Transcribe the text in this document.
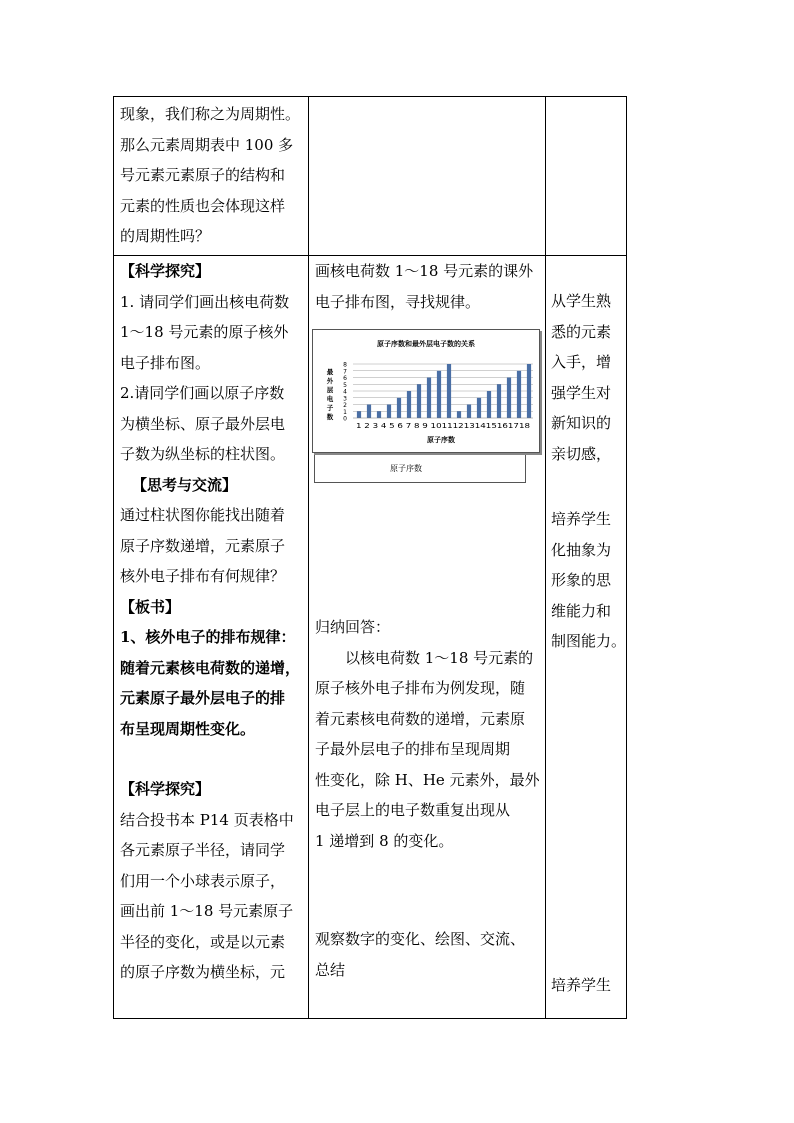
现象，我们称之为周期性。

那么元素周期表中 100 多

号元素元素原子的结构和

元素的性质也会体现这样

的周期性吗？

【科学探究】

1. 请同学们画出核电荷数

1～18 号元素的原子核外

电子排布图。

2.请同学们画以原子序数

为横坐标、原子最外层电

子数为纵坐标的柱状图。

【思考与交流】

通过柱状图你能找出随着

原子序数递增，元素原子

核外电子排布有何规律？

【板书】

1、核外电子的排布规律：

随着元素核电荷数的递增，

元素原子最外层电子的排

布呈现周期性变化。

【科学探究】

结合投书本 P14 页表格中

各元素原子半径，请同学

们用一个小球表示原子，

画出前 1～18 号元素原子

半径的变化，或是以元素

的原子序数为横坐标，元

画核电荷数 1～18 号元素的课外

电子排布图，寻找规律。

原子序数
原子序数和最外层电子数的关系
最
外
层
电
子
数 0
1
2
3
4
5
6
7
8
1 2 3 4 5 6 7 8 9 101112131415161718
原子序数

归纳回答：

以核电荷数 1～18 号元素的

原子核外电子排布为例发现，随

着元素核电荷数的递增，元素原

子最外层电子的排布呈现周期

性变化，除 H、He 元素外，最外

电子层上的电子数重复出现从

1 递增到 8 的变化。

观察数字的变化、绘图、交流、

总结

从学生熟

悉的元素

入手，增

强学生对

新知识的

亲切感，

培养学生

化抽象为

形象的思

维能力和

制图能力。

培养学生
